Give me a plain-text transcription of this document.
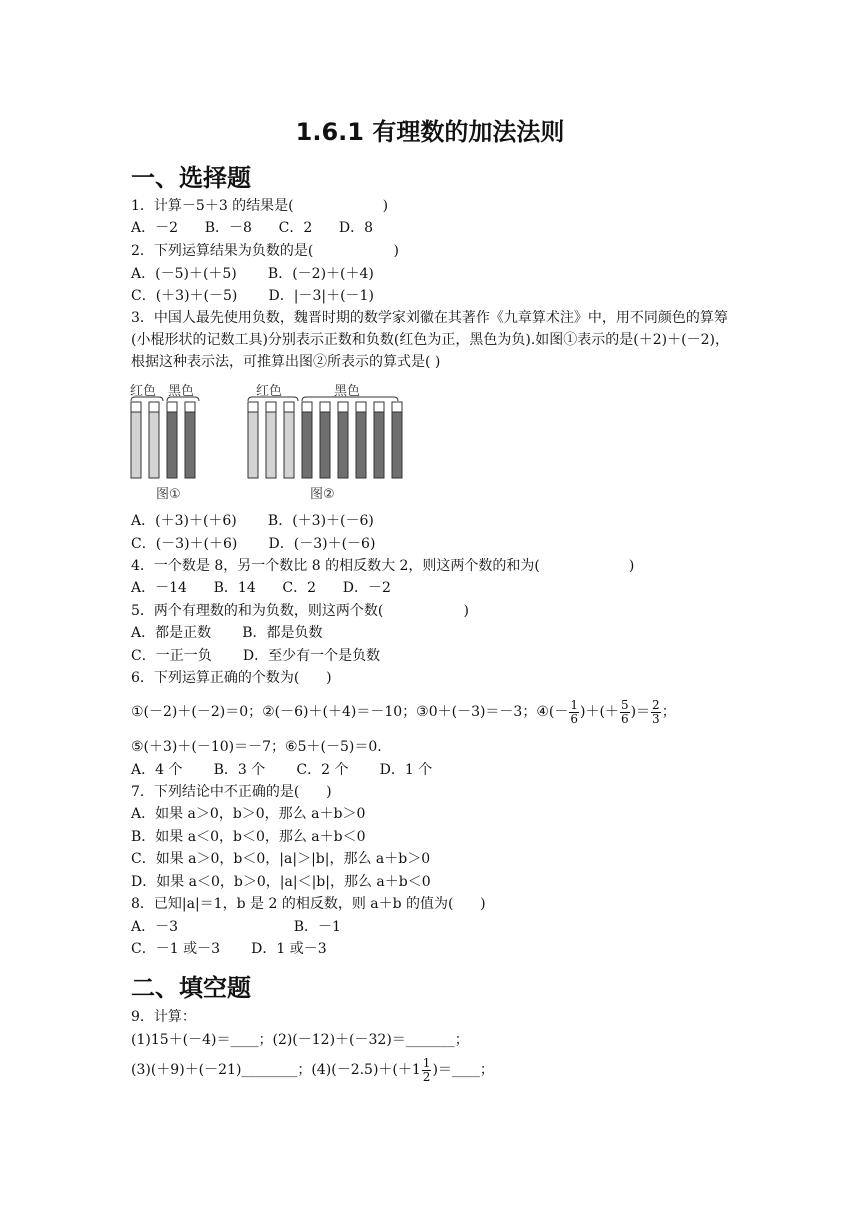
1.6.1 有理数的加法法则
一、选择题
1．计算－5＋3 的结果是(                    )
A．－2      B．－8      C．2      D．8
2．下列运算结果为负数的是(                  )
A．(－5)＋(＋5)       B．(－2)＋(＋4)
C．(＋3)＋(－5)       D．|－3|＋(－1)
3．中国人最先使用负数，魏晋时期的数学家刘徽在其著作《九章算术注》中，用不同颜色的算筹(小棍形状的记数工具)分别表示正数和负数(红色为正，黑色为负).如图①表示的是(＋2)＋(－2)，根据这种表示法，可推算出图②所表示的算式是( )
红色 黑色	红色	黑色
图①	图②
A．(＋3)＋(＋6)       B．(＋3)＋(－6)
C．(－3)＋(＋6)       D．(－3)＋(－6)
4．一个数是 8，另一个数比 8 的相反数大 2，则这两个数的和为(                    )
A．－14      B．14      C．2      D．－2
5．两个有理数的和为负数，则这两个数(                  )
A．都是正数       B．都是负数
C．一正一负       D．至少有一个是负数
6．下列运算正确的个数为(      )
①(－2)＋(－2)＝0；②(－6)＋(＋4)＝－10；③0＋(－3)＝－3；④(－ $\frac{1}{6}$ )＋(＋ $\frac{5}{6}$ )＝ $\frac{2}{3}$ ；
⑤(＋3)＋(－10)＝－7；⑥5＋(－5)＝0.
A．4 个       B．3 个       C．2 个       D．1 个
7．下列结论中不正确的是(      )
A．如果 a＞0，b＞0，那么 a＋b＞0
B．如果 a＜0，b＜0，那么 a＋b＜0
C．如果 a＞0，b＜0，|a|＞|b|，那么 a＋b＞0
D．如果 a＜0，b＞0，|a|＜|b|，那么 a＋b＜0
8．已知|a|＝1，b 是 2 的相反数，则 a＋b 的值为(      )
A．－3                          B．－1
C．－1 或－3       D．1 或－3
二、填空题
9．计算：
(1)15＋(－4)＝____；(2)(－12)＋(－32)＝_______；
(3)(＋9)＋(－21)________；$(4)(-2.5)+(+1 \frac{1}{2}$ )＝____；
